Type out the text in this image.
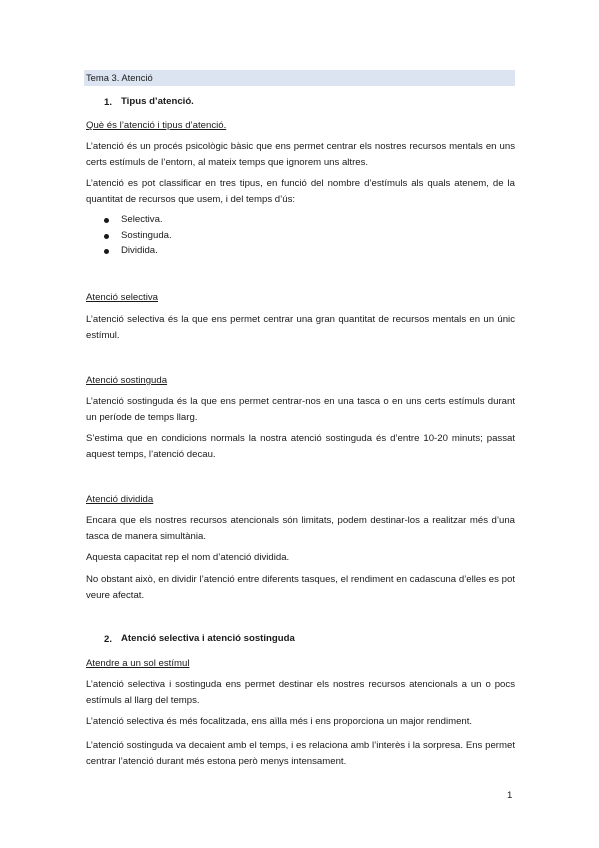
Tema 3. Atenció
1. Tipus d’atenció.
Què és l’atenció i tipus d’atenció.
L’atenció és un procés psicològic bàsic que ens permet centrar els nostres recursos mentals en uns certs estímuls de l’entorn, al mateix temps que ignorem uns altres.
L’atenció es pot classificar en tres tipus, en funció del nombre d’estímuls als quals atenem, de la quantitat de recursos que usem, i del temps d’ús:
Selectiva.
Sostinguda.
Dividida.
Atenció selectiva
L’atenció selectiva és la que ens permet centrar una gran quantitat de recursos mentals en un únic estímul.
Atenció sostinguda
L’atenció sostinguda és la que ens permet centrar-nos en una tasca o en uns certs estímuls durant un període de temps llarg.
S’estima que en condicions normals la nostra atenció sostinguda és d’entre 10-20 minuts; passat aquest temps, l’atenció decau.
Atenció dividida
Encara que els nostres recursos atencionals són limitats, podem destinar-los a realitzar més d’una tasca de manera simultània.
Aquesta capacitat rep el nom d’atenció dividida.
No obstant això, en dividir l’atenció entre diferents tasques, el rendiment en cadascuna d’elles es pot veure afectat.
2. Atenció selectiva i atenció sostinguda
Atendre a un sol estímul
L’atenció selectiva i sostinguda ens permet destinar els nostres recursos atencionals a un o pocs estímuls al llarg del temps.
L’atenció selectiva és més focalitzada, ens aïlla més i ens proporciona un major rendiment.
L’atenció sostinguda va decaient amb el temps, i es relaciona amb l’interès i la sorpresa. Ens permet centrar l’atenció durant més estona però menys intensament.
1
